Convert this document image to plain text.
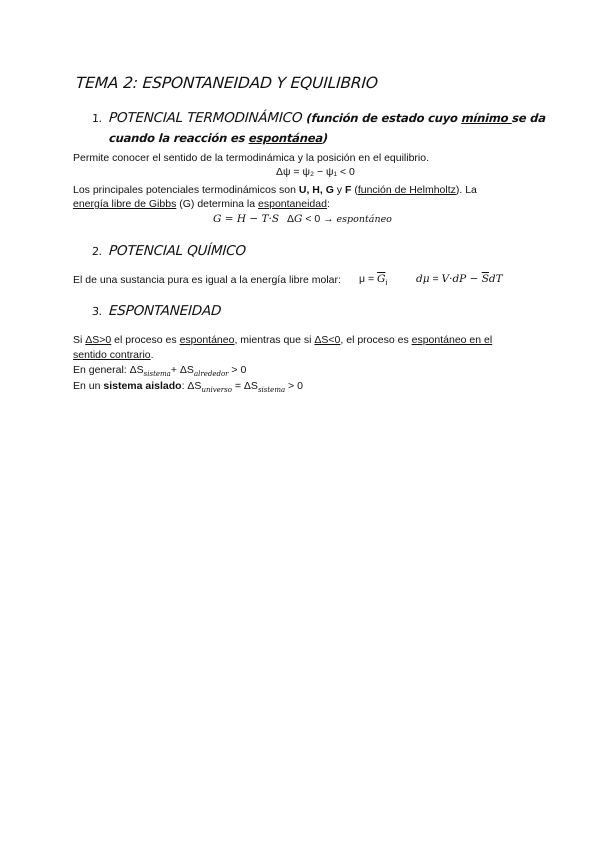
TEMA 2: ESPONTANEIDAD Y EQUILIBRIO
1. POTENCIAL TERMODINÁMICO (función de estado cuyo mínimo se da
cuando la reacción es espontánea)
Permite conocer el sentido de la termodinámica y la posición en el equilibrio.
Δψ = ψ₂ − ψ₁ < 0
Los principales potenciales termodinámicos son U, H, G y F (función de Helmholtz). La
energía libre de Gibbs (G) determina la espontaneidad:
G = H − T·S ΔG < 0 → espontáneo
2. POTENCIAL QUÍMICO
El de una sustancia pura es igual a la energía libre molar: $\mu = \overline{G}_i$	$d\mu = V\cdot dP - \overline{S}dT$
3. ESPONTANEIDAD
Si ΔS>0 el proceso es espontáneo, mientras que si ΔS<0, el proceso es espontáneo en el
sentido contrario.
En general: $\Delta S_{sistema}+ \Delta S_{alrededor} > 0$
En un sistema aislado: $\Delta S_{universo} = \Delta S_{sistema} > 0$
